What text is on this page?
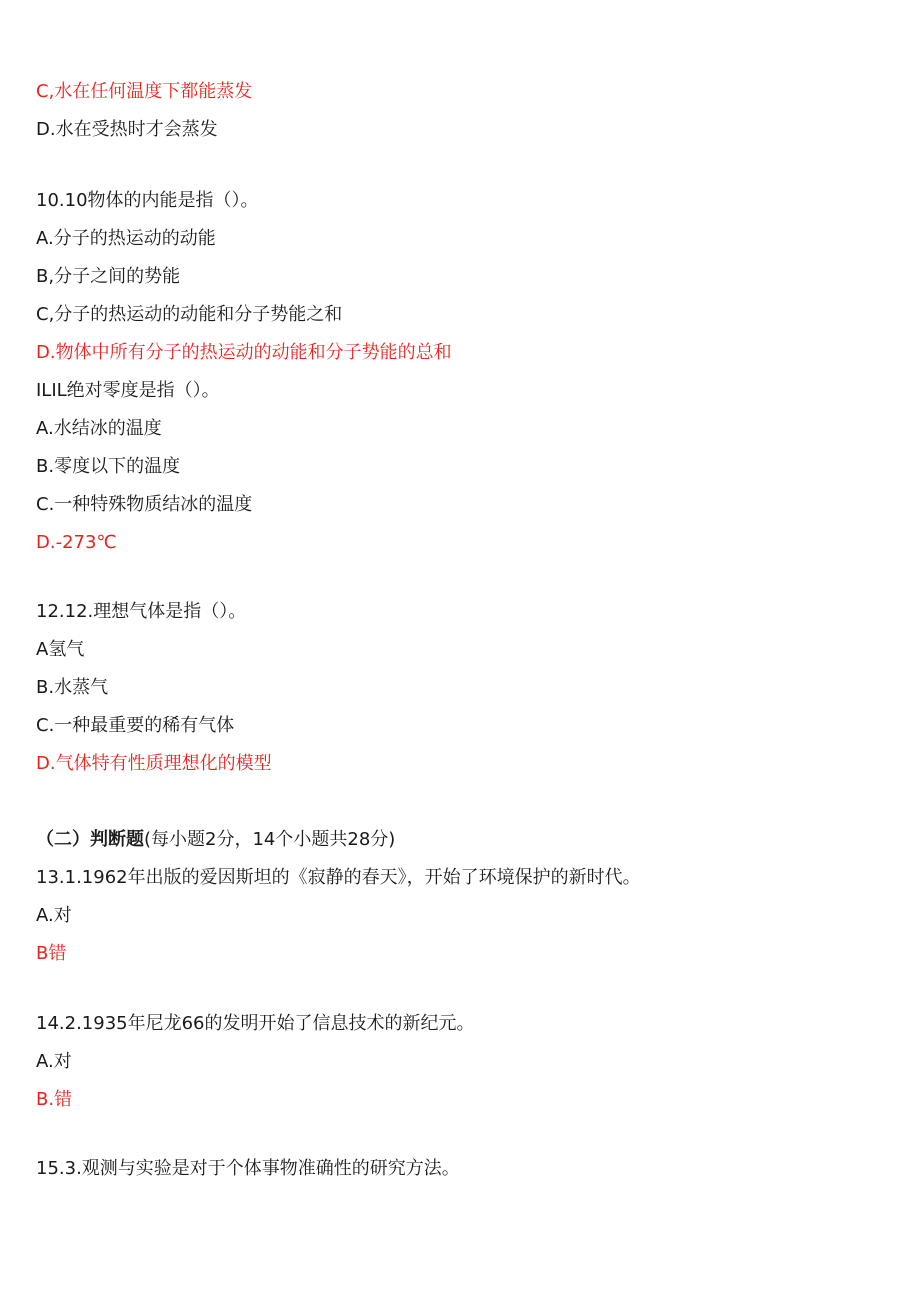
C,水在任何温度下都能蒸发
D.水在受热时才会蒸发
10.10物体的内能是指（）。
A.分子的热运动的动能
B,分子之间的势能
C,分子的热运动的动能和分子势能之和
D.物体中所有分子的热运动的动能和分子势能的总和
ILIL绝对零度是指（）。
A.水结冰的温度
B.零度以下的温度
C.一种特殊物质结冰的温度
D.-273℃
12.12.理想气体是指（）。
A氢气
B.水蒸气
C.一种最重要的稀有气体
D.气体特有性质理想化的模型
（二）判断题(每小题2分，14个小题共28分)
13.1.1962年出版的爱因斯坦的《寂静的春天》，开始了环境保护的新时代。
A.对
B错
14.2.1935年尼龙66的发明开始了信息技术的新纪元。
A.对
B.错
15.3.观测与实验是对于个体事物准确性的研究方法。
